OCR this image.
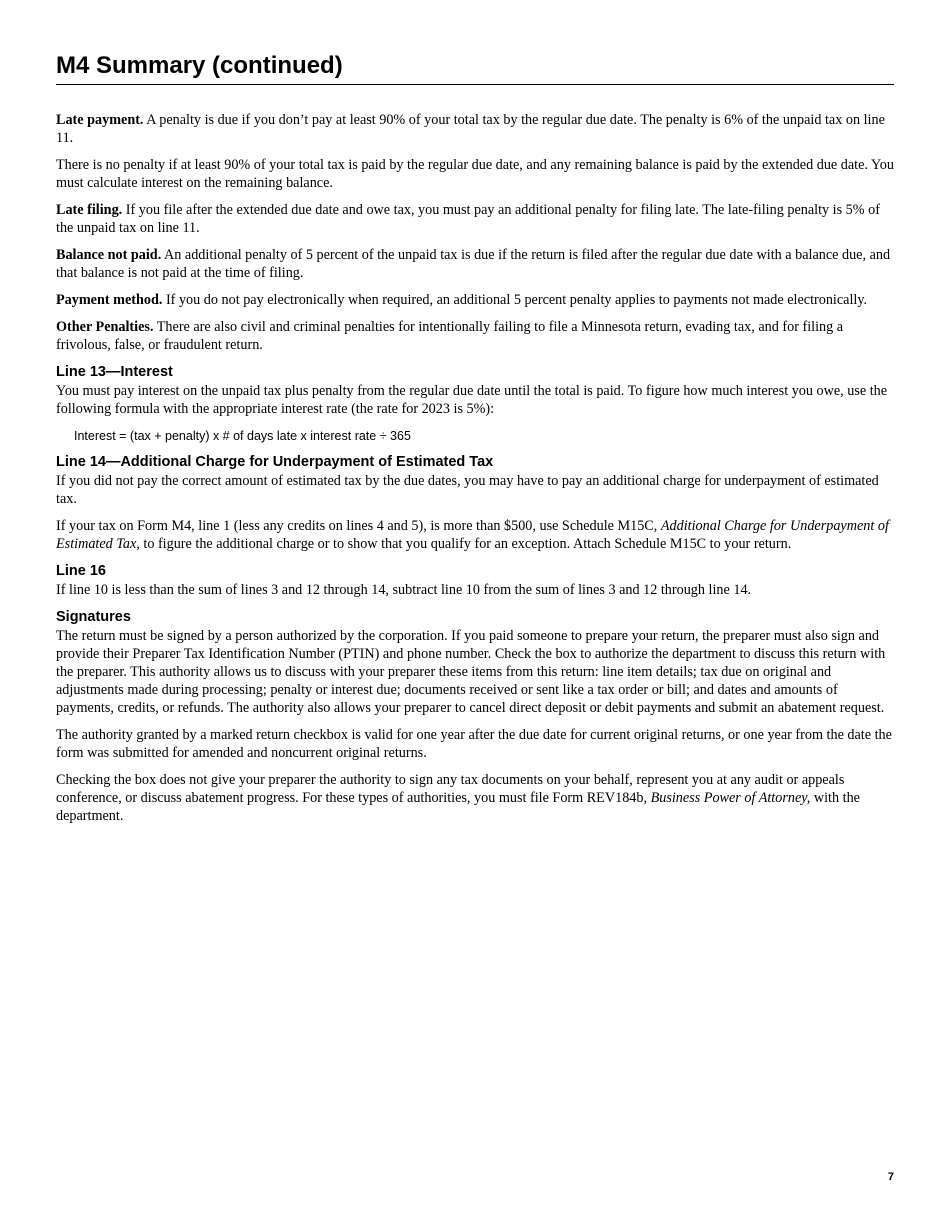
M4 Summary (continued)

Late payment. A penalty is due if you don’t pay at least 90% of your total tax by the regular due date. The penalty is 6% of the unpaid tax on line 11.

There is no penalty if at least 90% of your total tax is paid by the regular due date, and any remaining balance is paid by the extended due date. You must calculate interest on the remaining balance.

Late filing. If you file after the extended due date and owe tax, you must pay an additional penalty for filing late. The late-filing penalty is 5% of the unpaid tax on line 11.

Balance not paid. An additional penalty of 5 percent of the unpaid tax is due if the return is filed after the regular due date with a balance due, and that balance is not paid at the time of filing.

Payment method. If you do not pay electronically when required, an additional 5 percent penalty applies to payments not made electronically.

Other Penalties. There are also civil and criminal penalties for intentionally failing to file a Minnesota return, evading tax, and for filing a frivolous, false, or fraudulent return.

Line 13—Interest

You must pay interest on the unpaid tax plus penalty from the regular due date until the total is paid. To figure how much interest you owe, use the following formula with the appropriate interest rate (the rate for 2023 is 5%):

Interest = (tax + penalty) x # of days late x interest rate ÷ 365
Line 14—Additional Charge for Underpayment of Estimated Tax

If you did not pay the correct amount of estimated tax by the due dates, you may have to pay an additional charge for underpayment of estimated tax.

If your tax on Form M4, line 1 (less any credits on lines 4 and 5), is more than $500, use Schedule M15C, Additional Charge for Underpayment of Estimated Tax, to figure the additional charge or to show that you qualify for an exception. Attach Schedule M15C to your return.

Line 16

If line 10 is less than the sum of lines 3 and 12 through 14, subtract line 10 from the sum of lines 3 and 12 through line 14.

Signatures

The return must be signed by a person authorized by the corporation. If you paid someone to prepare your return, the preparer must also sign and provide their Preparer Tax Identification Number (PTIN) and phone number. Check the box to authorize the department to discuss this return with the preparer. This authority allows us to discuss with your preparer these items from this return: line item details; tax due on original and adjustments made during processing; penalty or interest due; documents received or sent like a tax order or bill; and dates and amounts of payments, credits, or refunds. The authority also allows your preparer to cancel direct deposit or debit payments and submit an abatement request.

The authority granted by a marked return checkbox is valid for one year after the due date for current original returns, or one year from the date the form was submitted for amended and noncurrent original returns.

Checking the box does not give your preparer the authority to sign any tax documents on your behalf, represent you at any audit or appeals conference, or discuss abatement progress. For these types of authorities, you must file Form REV184b, Business Power of Attorney, with the department.

7
